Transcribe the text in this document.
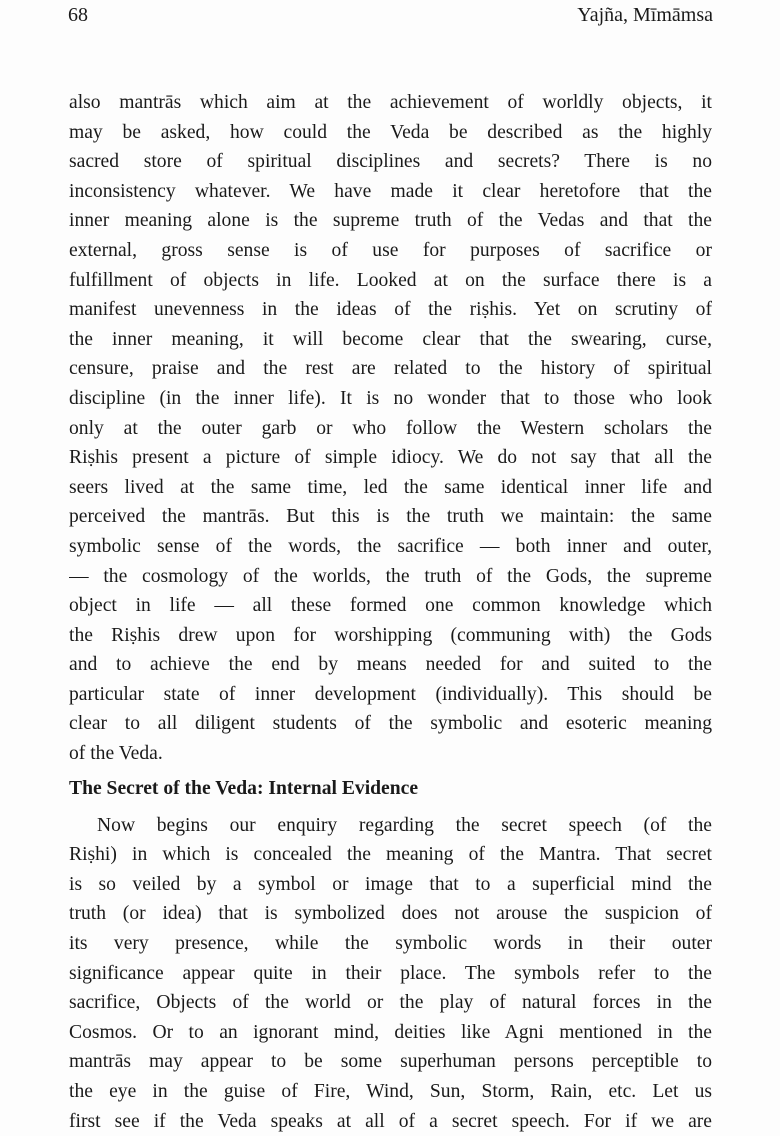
68	Yajña, Mīmāmsa
also mantrās which aim at the achievement of worldly objects, it
may be asked, how could the Veda be described as the highly
sacred store of spiritual disciplines and secrets? There is no
inconsistency whatever. We have made it clear heretofore that the
inner meaning alone is the supreme truth of the Vedas and that the
external, gross sense is of use for purposes of sacrifice or
fulfillment of objects in life. Looked at on the surface there is a
manifest unevenness in the ideas of the riṣhis. Yet on scrutiny of
the inner meaning, it will become clear that the swearing, curse,
censure, praise and the rest are related to the history of spiritual
discipline (in the inner life). It is no wonder that to those who look
only at the outer garb or who follow the Western scholars the
Riṣhis present a picture of simple idiocy. We do not say that all the
seers lived at the same time, led the same identical inner life and
perceived the mantrās. But this is the truth we maintain: the same
symbolic sense of the words, the sacrifice — both inner and outer,
— the cosmology of the worlds, the truth of the Gods, the supreme
object in life — all these formed one common knowledge which
the Riṣhis drew upon for worshipping (communing with) the Gods
and to achieve the end by means needed for and suited to the
particular state of inner development (individually). This should be
clear to all diligent students of the symbolic and esoteric meaning
of the Veda.
The Secret of the Veda: Internal Evidence
Now begins our enquiry regarding the secret speech (of the
Riṣhi) in which is concealed the meaning of the Mantra. That secret
is so veiled by a symbol or image that to a superficial mind the
truth (or idea) that is symbolized does not arouse the suspicion of
its very presence, while the symbolic words in their outer
significance appear quite in their place. The symbols refer to the
sacrifice, Objects of the world or the play of natural forces in the
Cosmos. Or to an ignorant mind, deities like Agni mentioned in the
mantrās may appear to be some superhuman persons perceptible to
the eye in the guise of Fire, Wind, Sun, Storm, Rain, etc. Let us
first see if the Veda speaks at all of a secret speech. For if we are
